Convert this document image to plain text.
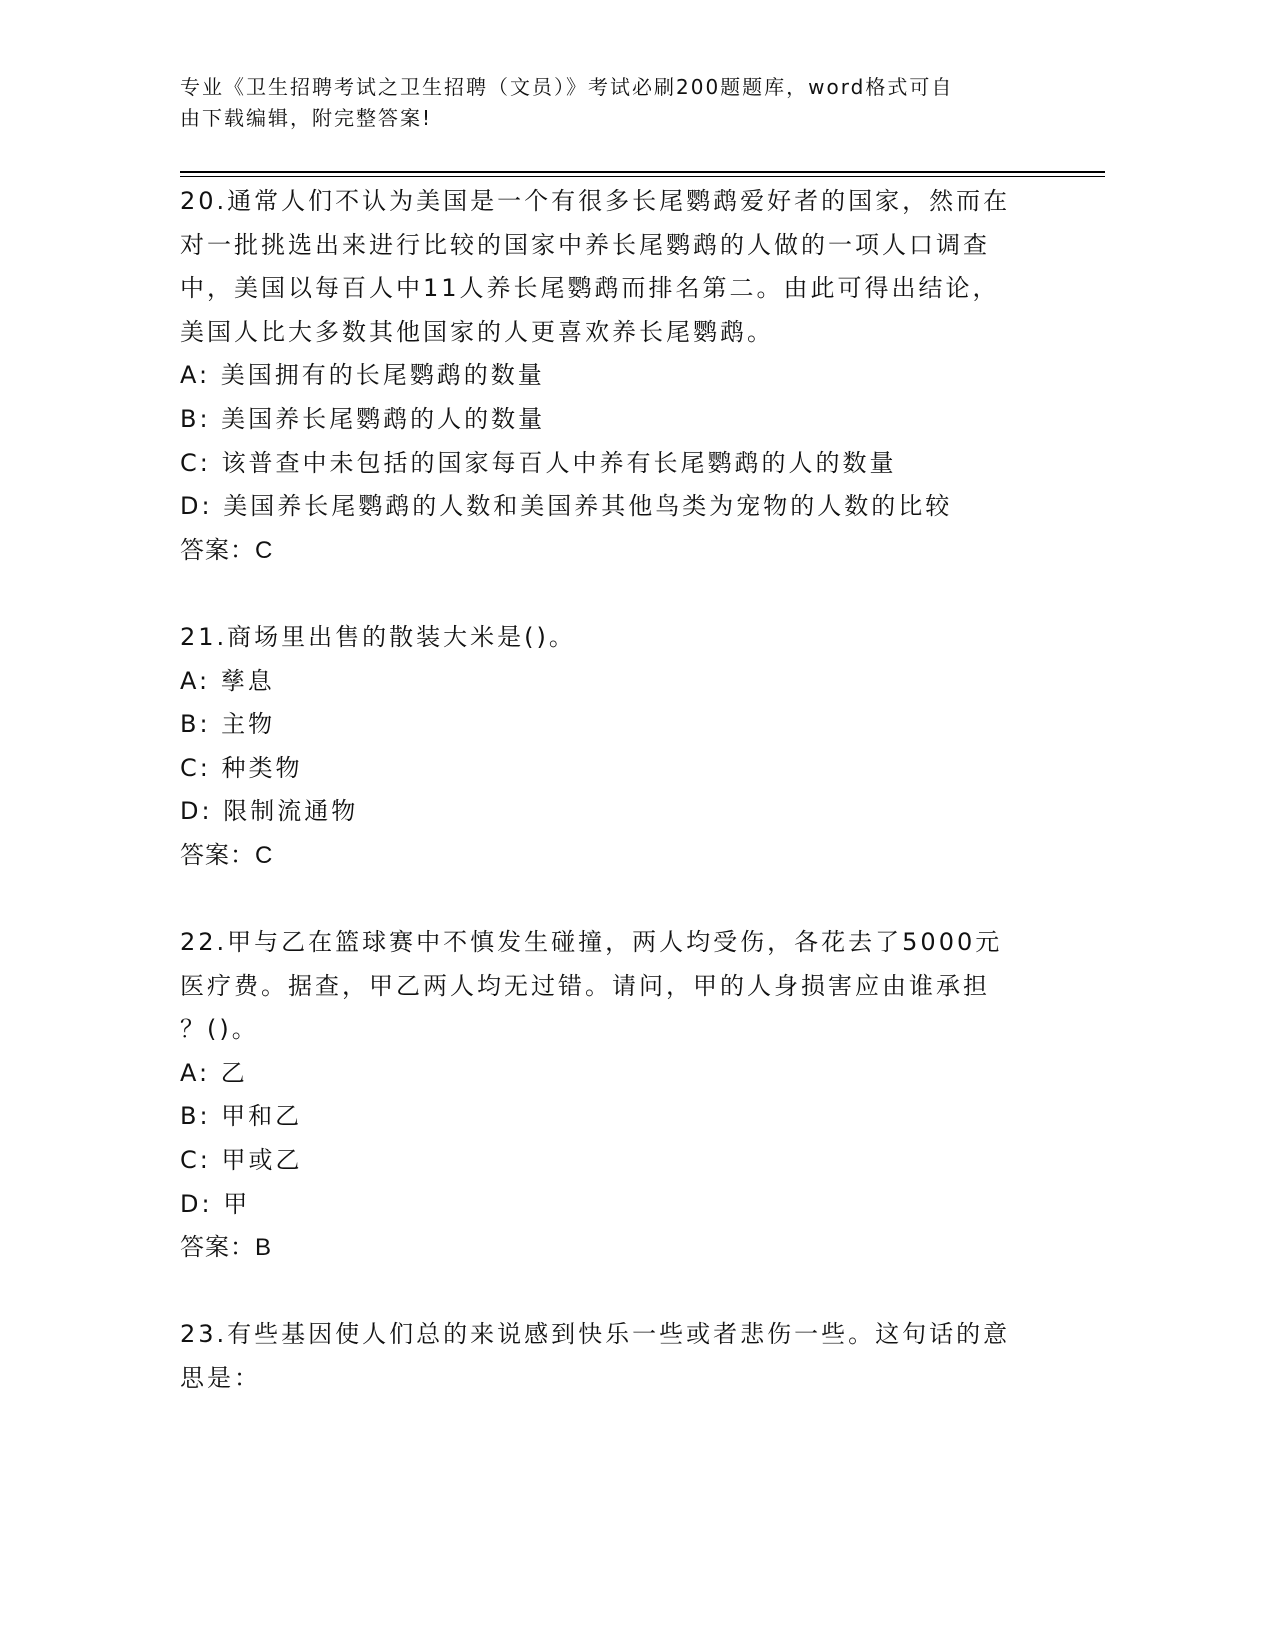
专业《卫生招聘考试之卫生招聘（文员）》考试必刷200题题库，word格式可自
由下载编辑，附完整答案!
20.通常人们不认为美国是一个有很多长尾鹦鹉爱好者的国家，然而在
对一批挑选出来进行比较的国家中养长尾鹦鹉的人做的一项人口调查
中，美国以每百人中11人养长尾鹦鹉而排名第二。由此可得出结论，
美国人比大多数其他国家的人更喜欢养长尾鹦鹉。
A: 美国拥有的长尾鹦鹉的数量
B: 美国养长尾鹦鹉的人的数量
C: 该普查中未包括的国家每百人中养有长尾鹦鹉的人的数量
D: 美国养长尾鹦鹉的人数和美国养其他鸟类为宠物的人数的比较
答案：C
21.商场里出售的散装大米是()。
A: 孳息
B: 主物
C: 种类物
D: 限制流通物
答案：C
22.甲与乙在篮球赛中不慎发生碰撞，两人均受伤，各花去了5000元
医疗费。据查，甲乙两人均无过错。请问，甲的人身损害应由谁承担
？()。
A: 乙
B: 甲和乙
C: 甲或乙
D: 甲
答案：B
23.有些基因使人们总的来说感到快乐一些或者悲伤一些。这句话的意
思是：
